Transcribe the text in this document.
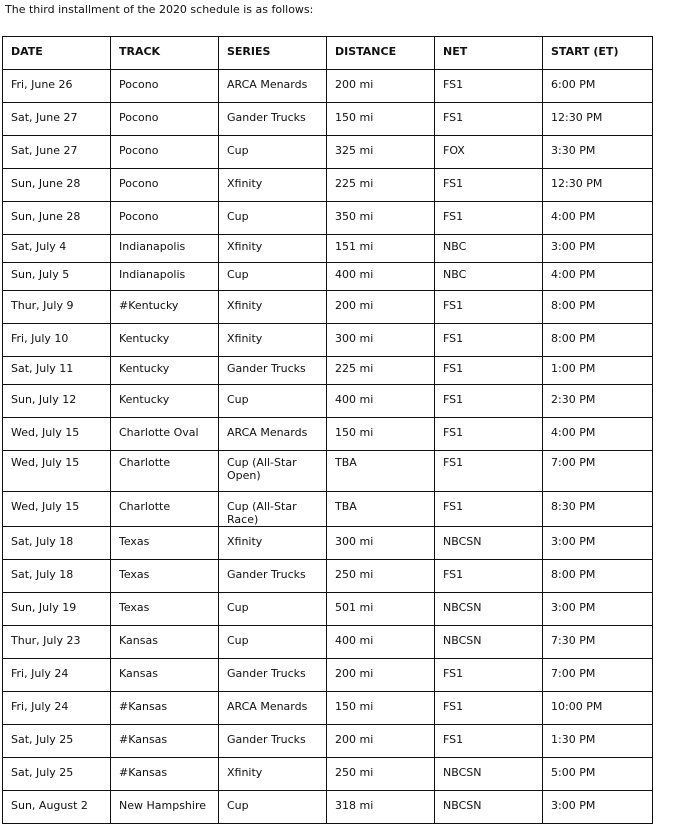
The third installment of the 2020 schedule is as follows:
DATE	TRACK	SERIES	DISTANCE	NET	START (ET)
Fri, June 26	Pocono	ARCA Menards	200 mi	FS1	6:00 PM
Sat, June 27	Pocono	Gander Trucks	150 mi	FS1	12:30 PM
Sat, June 27	Pocono	Cup	325 mi	FOX	3:30 PM
Sun, June 28	Pocono	Xfinity	225 mi	FS1	12:30 PM
Sun, June 28	Pocono	Cup	350 mi	FS1	4:00 PM
Sat, July 4	Indianapolis	Xfinity	151 mi	NBC	3:00 PM
Sun, July 5	Indianapolis	Cup	400 mi	NBC	4:00 PM
Thur, July 9	#Kentucky	Xfinity	200 mi	FS1	8:00 PM
Fri, July 10	Kentucky	Xfinity	300 mi	FS1	8:00 PM
Sat, July 11	Kentucky	Gander Trucks	225 mi	FS1	1:00 PM
Sun, July 12	Kentucky	Cup	400 mi	FS1	2:30 PM
Wed, July 15	Charlotte Oval	ARCA Menards	150 mi	FS1	4:00 PM
Wed, July 15	Charlotte	Cup (All-Star Open)	TBA	FS1	7:00 PM
Wed, July 15	Charlotte	Cup (All-Star Race)	TBA	FS1	8:30 PM
Sat, July 18	Texas	Xfinity	300 mi	NBCSN	3:00 PM
Sat, July 18	Texas	Gander Trucks	250 mi	FS1	8:00 PM
Sun, July 19	Texas	Cup	501 mi	NBCSN	3:00 PM
Thur, July 23	Kansas	Cup	400 mi	NBCSN	7:30 PM
Fri, July 24	Kansas	Gander Trucks	200 mi	FS1	7:00 PM
Fri, July 24	#Kansas	ARCA Menards	150 mi	FS1	10:00 PM
Sat, July 25	#Kansas	Gander Trucks	200 mi	FS1	1:30 PM
Sat, July 25	#Kansas	Xfinity	250 mi	NBCSN	5:00 PM
Sun, August 2	New Hampshire	Cup	318 mi	NBCSN	3:00 PM
